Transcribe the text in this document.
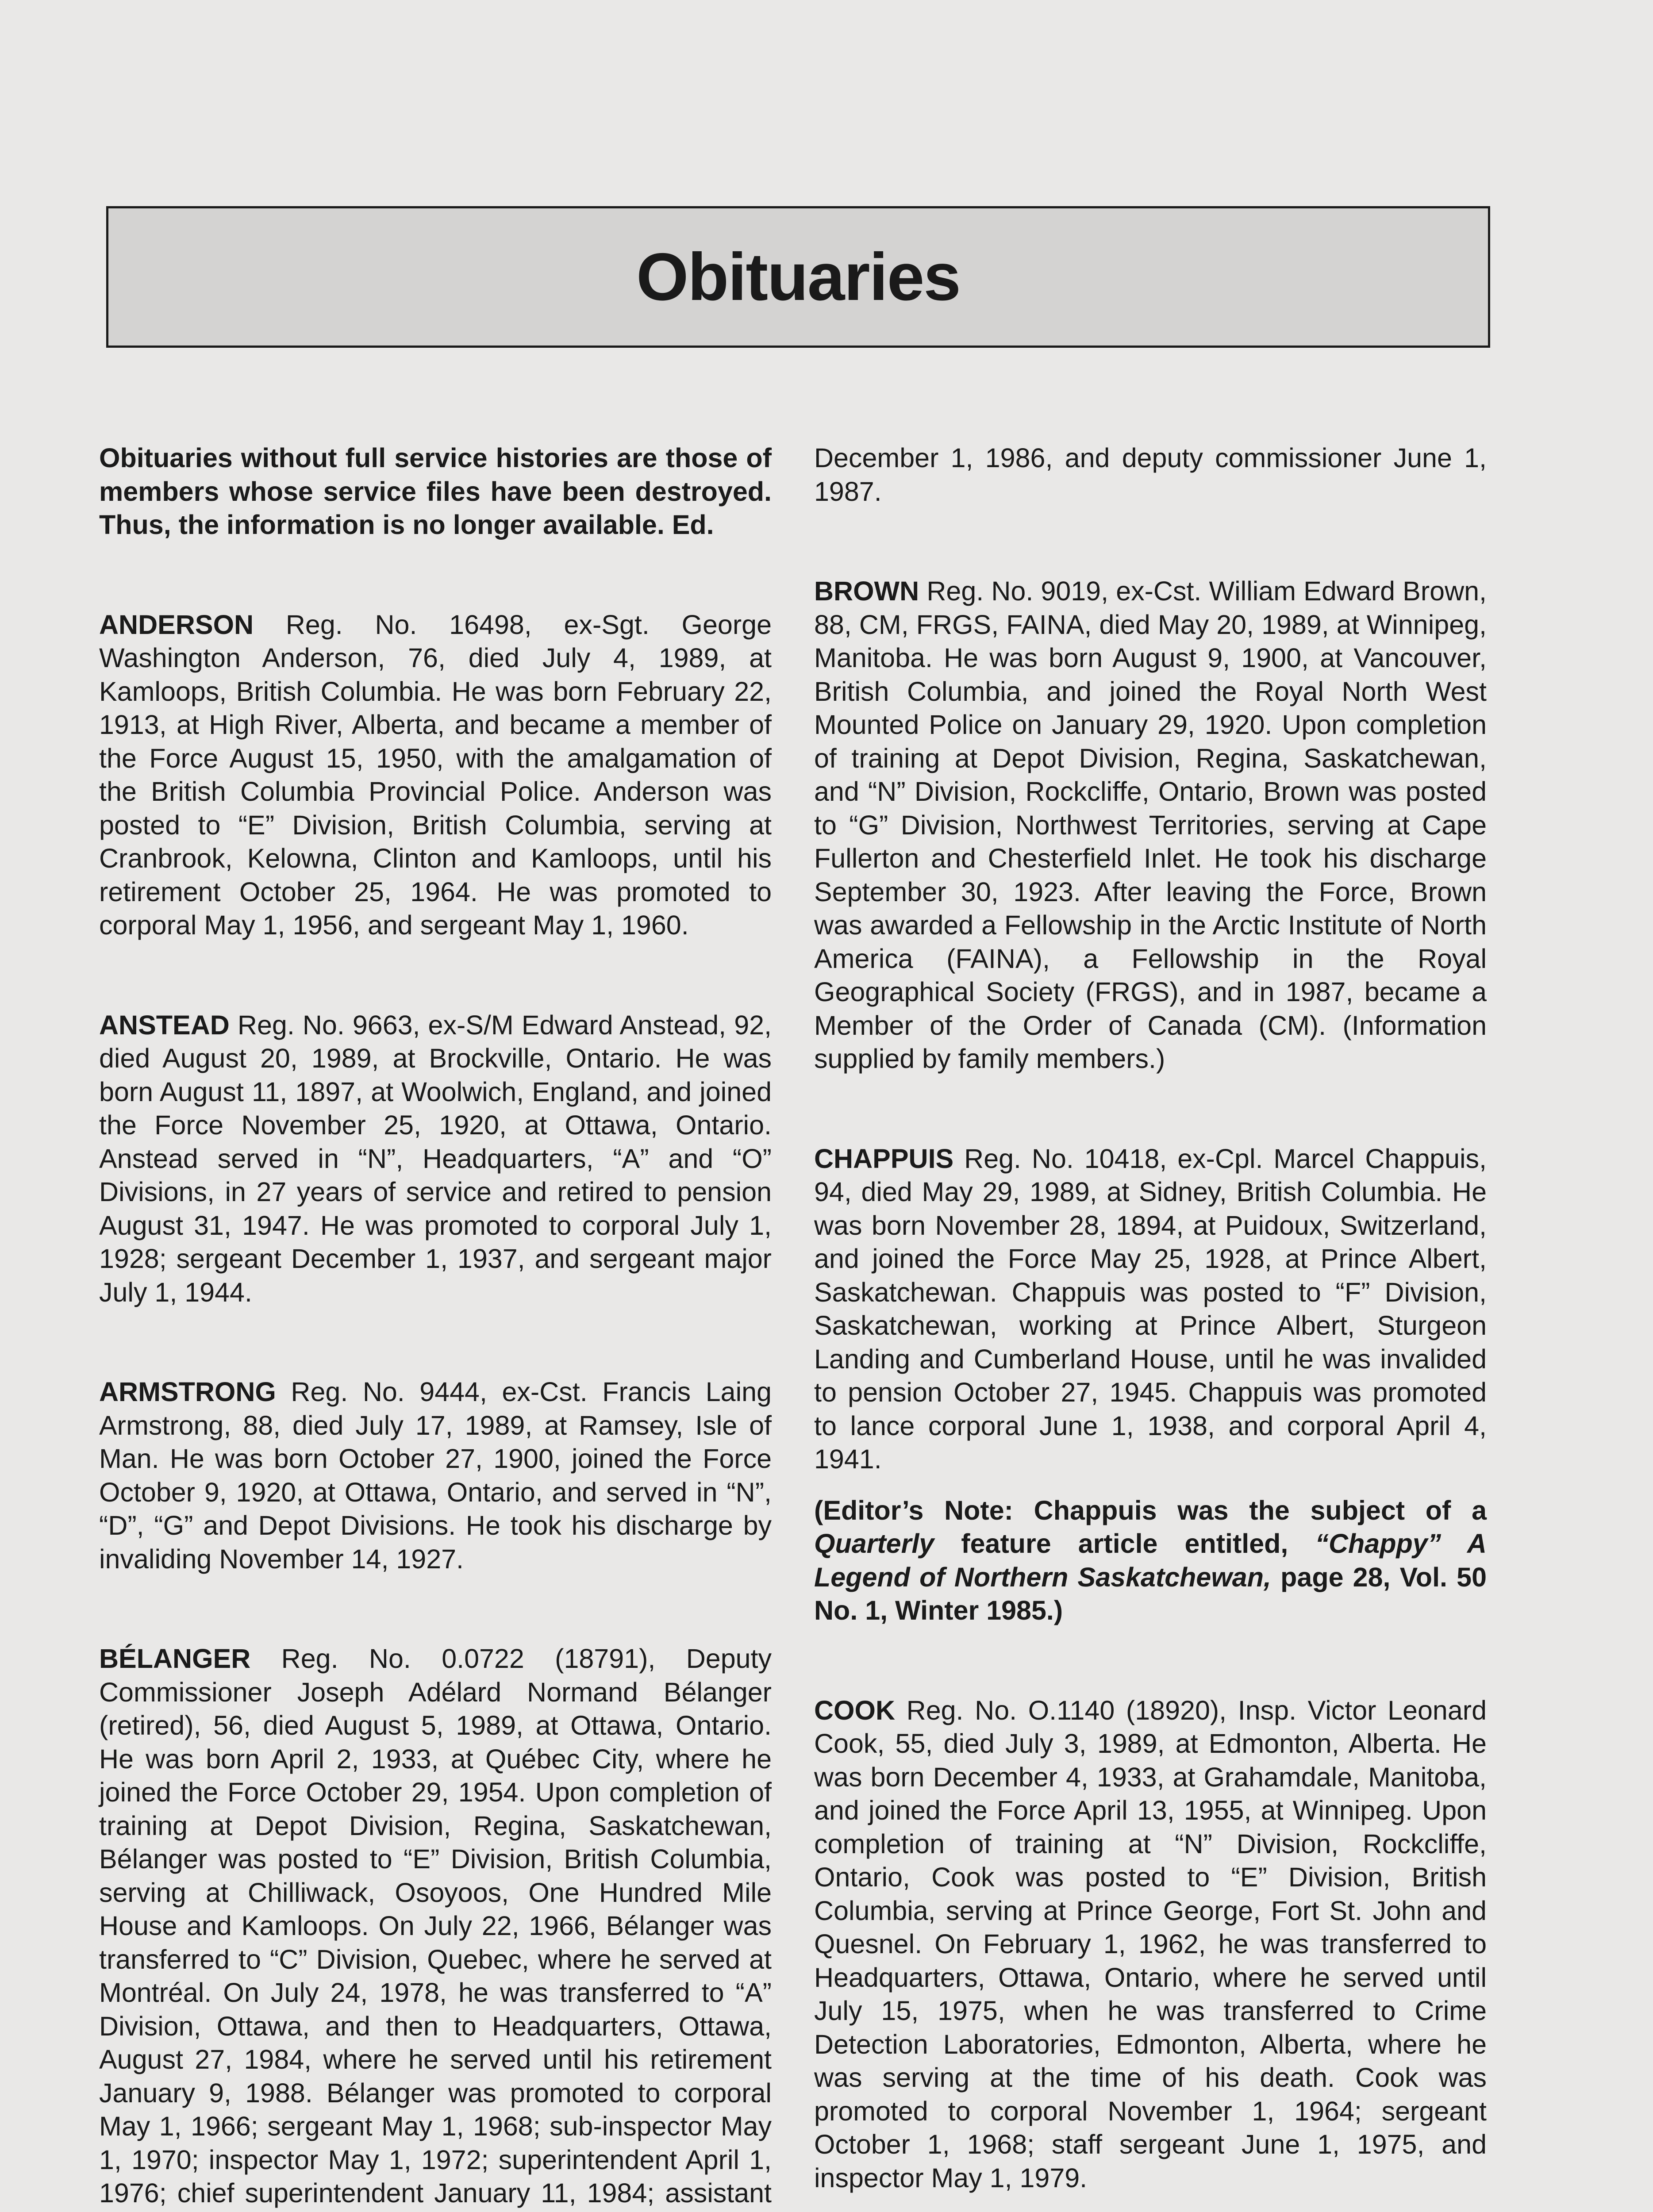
Obituaries

Obituaries without full service histories are those of members whose service files have been destroyed. Thus, the information is no longer available. Ed.

ANDERSON Reg. No. 16498, ex-Sgt. George Washington Anderson, 76, died July 4, 1989, at Kamloops, British Columbia. He was born February 22, 1913, at High River, Alberta, and became a member of the Force August 15, 1950, with the amalgamation of the British Columbia Provincial Police. Anderson was posted to “E” Division, British Columbia, serving at Cranbrook, Kelowna, Clinton and Kamloops, until his retirement October 25, 1964. He was promoted to corporal May 1, 1956, and sergeant May 1, 1960.

ANSTEAD Reg. No. 9663, ex-S/M Edward Anstead, 92, died August 20, 1989, at Brockville, Ontario. He was born August 11, 1897, at Woolwich, England, and joined the Force November 25, 1920, at Ottawa, Ontario. Anstead served in “N”, Headquarters, “A” and “O” Divisions, in 27 years of service and retired to pension August 31, 1947. He was promoted to corporal July 1, 1928; sergeant December 1, 1937, and sergeant major July 1, 1944.

ARMSTRONG Reg. No. 9444, ex-Cst. Francis Laing Armstrong, 88, died July 17, 1989, at Ramsey, Isle of Man. He was born October 27, 1900, joined the Force October 9, 1920, at Ottawa, Ontario, and served in “N”, “D”, “G” and Depot Divisions. He took his discharge by invaliding November 14, 1927.

BÉLANGER Reg. No. 0.0722 (18791), Deputy Commissioner Joseph Adélard Normand Bélanger (retired), 56, died August 5, 1989, at Ottawa, Ontario. He was born April 2, 1933, at Québec City, where he joined the Force October 29, 1954. Upon completion of training at Depot Division, Regina, Saskatchewan, Bélanger was posted to “E” Division, British Columbia, serving at Chilliwack, Osoyoos, One Hundred Mile House and Kamloops. On July 22, 1966, Bélanger was transferred to “C” Division, Quebec, where he served at Montréal. On July 24, 1978, he was transferred to “A” Division, Ottawa, and then to Headquarters, Ottawa, August 27, 1984, where he served until his retirement January 9, 1988. Bélanger was promoted to corporal May 1, 1966; sergeant May 1, 1968; sub-inspector May 1, 1970; inspector May 1, 1972; superintendent April 1, 1976; chief superintendent January 11, 1984; assistant

December 1, 1986, and deputy commissioner June 1, 1987.

BROWN Reg. No. 9019, ex-Cst. William Edward Brown, 88, CM, FRGS, FAINA, died May 20, 1989, at Winnipeg, Manitoba. He was born August 9, 1900, at Vancouver, British Columbia, and joined the Royal North West Mounted Police on January 29, 1920. Upon completion of training at Depot Division, Regina, Saskatchewan, and “N” Division, Rockcliffe, Ontario, Brown was posted to “G” Division, Northwest Territories, serving at Cape Fullerton and Chesterfield Inlet. He took his discharge September 30, 1923. After leaving the Force, Brown was awarded a Fellowship in the Arctic Institute of North America (FAINA), a Fellowship in the Royal Geographical Society (FRGS), and in 1987, became a Member of the Order of Canada (CM). (Information supplied by family members.)

CHAPPUIS Reg. No. 10418, ex-Cpl. Marcel Chappuis, 94, died May 29, 1989, at Sidney, British Columbia. He was born November 28, 1894, at Puidoux, Switzerland, and joined the Force May 25, 1928, at Prince Albert, Saskatchewan. Chappuis was posted to “F” Division, Saskatchewan, working at Prince Albert, Sturgeon Landing and Cumberland House, until he was invalided to pension October 27, 1945. Chappuis was promoted to lance corporal June 1, 1938, and corporal April 4, 1941.

(Editor’s Note: Chappuis was the subject of a Quarterly feature article entitled, “Chappy” A Legend of Northern Saskatchewan, page 28, Vol. 50 No. 1, Winter 1985.)

COOK Reg. No. O.1140 (18920), Insp. Victor Leonard Cook, 55, died July 3, 1989, at Edmonton, Alberta. He was born December 4, 1933, at Grahamdale, Manitoba, and joined the Force April 13, 1955, at Winnipeg. Upon completion of training at “N” Division, Rockcliffe, Ontario, Cook was posted to “E” Division, British Columbia, serving at Prince George, Fort St. John and Quesnel. On February 1, 1962, he was transferred to Headquarters, Ottawa, Ontario, where he served until July 15, 1975, when he was transferred to Crime Detection Laboratories, Edmonton, Alberta, where he was serving at the time of his death. Cook was promoted to corporal November 1, 1964; sergeant October 1, 1968; staff sergeant June 1, 1975, and inspector May 1, 1979.
